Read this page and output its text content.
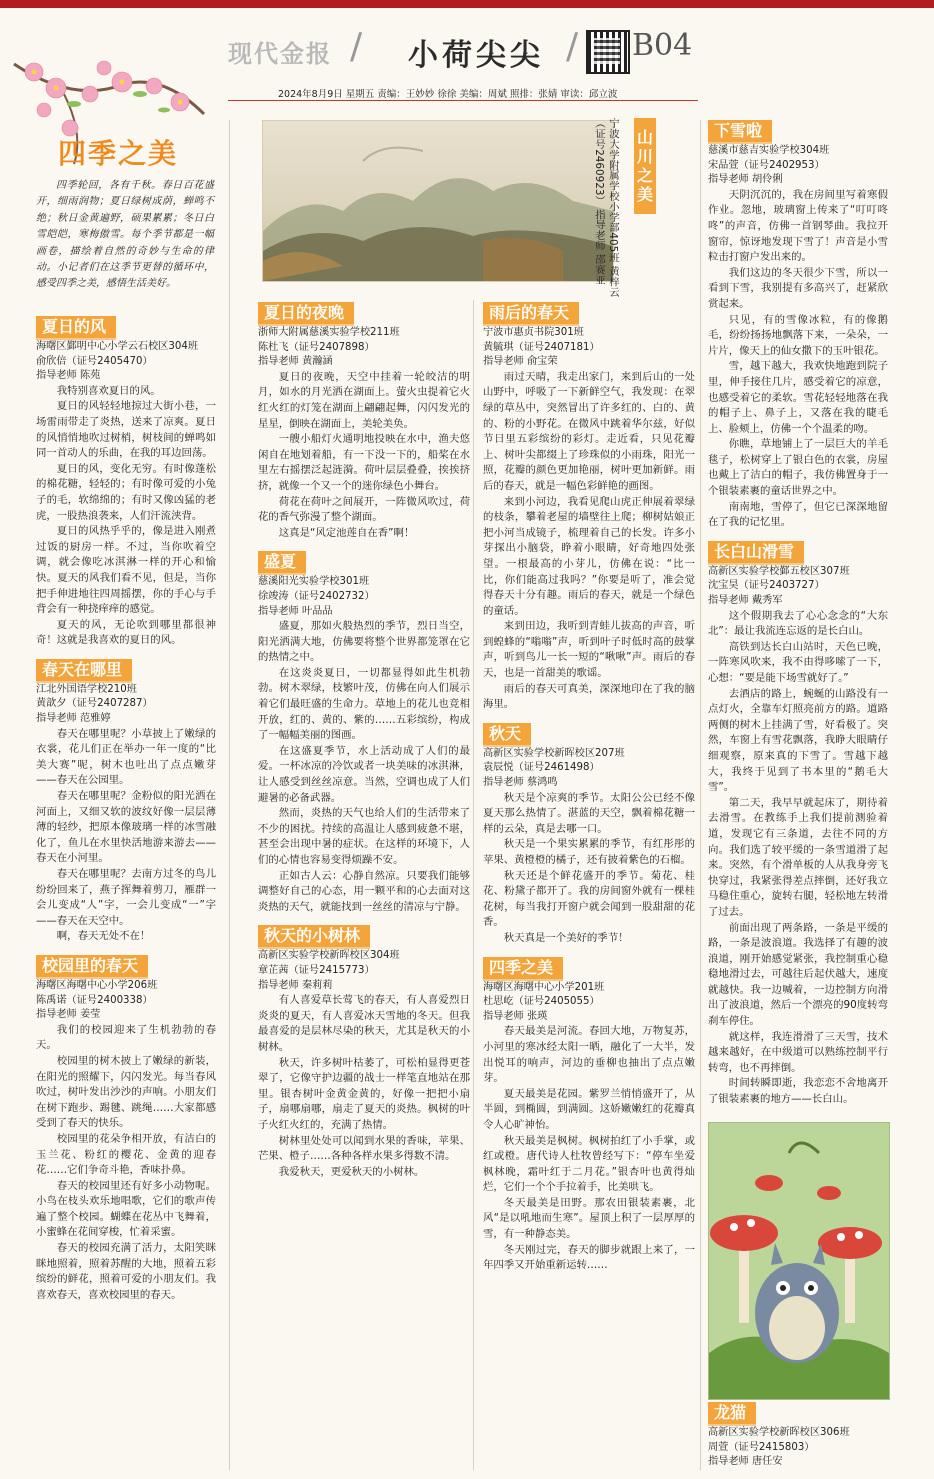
现代金报 / 小荷尖尖 / B04
2024年8月9日 星期五 责编：王妙妙 徐徐 美编：周斌 照排：张婧 审读：邱立波
四季之美

四季轮回，各有千秋。春日百花盛开，细雨润物；夏日绿树成荫，蝉鸣不绝；秋日金黄遍野，硕果累累；冬日白雪皑皑，寒梅傲雪。每个季节都是一幅画卷，描绘着自然的奇妙与生命的律动。小记者们在这季节更替的循环中，感受四季之美，感悟生活美好。

夏日的风

海曙区鄞明中心小学云石校区304班

俞欣倍（证号2405470）

指导老师 陈苑

我特别喜欢夏日的风。

夏日的风轻轻地掠过大街小巷，一场雷雨带走了炎热，送来了凉爽。夏日的风悄悄地吹过树梢，树枝间的蝉鸣如同一首动人的乐曲，在我的耳边回荡。

夏日的风，变化无穷。有时像蓬松的棉花糖，轻轻的；有时像可爱的小兔子的毛，软绵绵的；有时又像凶猛的老虎，一股热浪袭来，人们汗流浃背。

夏日的风热乎乎的，像是进入刚煮过饭的厨房一样。不过，当你吹着空调，就会像吃冰淇淋一样的开心和愉快。夏天的风我们看不见，但是，当你把手伸进地往四周摇摆，你的手心与手背会有一种挠痒痒的感觉。

夏天的风，无论吹到哪里都很神奇！这就是我喜欢的夏日的风。

春天在哪里

江北外国语学校210班

黄歆夕（证号2407287）

指导老师 范雅婷

春天在哪里呢？小草披上了嫩绿的衣裳，花儿们正在举办一年一度的“比美大赛”呢，树木也吐出了点点嫩芽——春天在公园里。

春天在哪里呢？金粉似的阳光洒在河面上，又细又软的波纹好像一层层薄薄的轻纱，把原本像玻璃一样的冰雪融化了，鱼儿在水里快活地游来游去——春天在小河里。

春天在哪里呢？去南方过冬的鸟儿纷纷回来了，燕子挥舞着剪刀，雁群一会儿变成“人”字，一会儿变成“一”字——春天在天空中。

啊，春天无处不在！

校园里的春天

海曙区海曙中心小学206班

陈禹诺（证号2400338）

指导老师 姜莹

我们的校园迎来了生机勃勃的春天。

校园里的树木披上了嫩绿的新装，在阳光的照耀下，闪闪发光。每当春风吹过，树叶发出沙沙的声响。小朋友们在树下跑步、踢毽、跳绳……大家都感受到了春天的快乐。

校园里的花朵争相开放，有洁白的玉兰花、粉红的樱花、金黄的迎春花……它们争奇斗艳，香味扑鼻。

春天的校园里还有好多小动物呢。小鸟在枝头欢乐地唱歌，它们的歌声传遍了整个校园。蝴蝶在花丛中飞舞着，小蜜蜂在花间穿梭，忙着采蜜。

春天的校园充满了活力，太阳笑眯眯地照着，照着苏醒的大地，照着五彩缤纷的鲜花，照着可爱的小朋友们。我喜欢春天，喜欢校园里的春天。

山川之美
宁波大学附属学校小学部405班 黄梓云（证号2460923） 指导老师 邵赛亚
夏日的夜晚

浙师大附属慈溪实验学校211班

陈杜飞（证号2407898）

指导老师 黄瀚涵

夏日的夜晚，天空中挂着一轮皎洁的明月，如水的月光洒在湖面上。萤火虫提着它火红火红的灯笼在湖面上翩翩起舞，闪闪发光的星星，倒映在湖面上，美轮美奂。

一艘小船灯火通明地投映在水中，渔夫悠闲自在地划着船，有一下没一下的，船桨在水里左右摇摆泛起涟漪。荷叶层层叠叠，挨挨挤挤，就像一个又一个的迷你绿色小舞台。

荷花在荷叶之间展开，一阵微风吹过，荷花的香气弥漫了整个湖面。

这真是“风定池莲自在香”啊！

盛夏

慈溪阳光实验学校301班

徐竣涛（证号2402732）

指导老师 叶品品

盛夏，那如火般热烈的季节，烈日当空，阳光洒满大地，仿佛要将整个世界都笼罩在它的热情之中。

在这炎炎夏日，一切都显得如此生机勃勃。树木翠绿，枝繁叶茂，仿佛在向人们展示着它们最旺盛的生命力。草地上的花儿也竞相开放，红的、黄的、紫的……五彩缤纷，构成了一幅幅美丽的图画。

在这盛夏季节，水上活动成了人们的最爱。一杯冰凉的冷饮或者一块美味的冰淇淋，让人感受到丝丝凉意。当然，空调也成了人们避暑的必备武器。

然而，炎热的天气也给人们的生活带来了不少的困扰。持续的高温让人感到疲惫不堪，甚至会出现中暑的症状。在这样的环境下，人们的心情也容易变得烦躁不安。

正如古人云：心静自然凉。只要我们能够调整好自己的心态，用一颗平和的心去面对这炎热的天气，就能找到一丝丝的清凉与宁静。

秋天的小树林

高新区实验学校新晖校区304班

章芷茜（证号2415773）

指导老师 秦莉莉

有人喜爱草长莺飞的春天，有人喜爱烈日炎炎的夏天，有人喜爱冰天雪地的冬天。但我最喜爱的是层林尽染的秋天，尤其是秋天的小树林。

秋天，许多树叶枯萎了，可松柏显得更苍翠了，它像守护边疆的战士一样笔直地站在那里。银杏树叶金黄金黄的，好像一把把小扇子，扇哪扇哪，扇走了夏天的炎热。枫树的叶子火红火红的，充满了热情。

树林里处处可以闻到水果的香味，苹果、芒果、橙子……各种各样水果多得数不清。

我爱秋天，更爱秋天的小树林。

雨后的春天

宁波市惠贞书院301班

黄毓琪（证号2407181）

指导老师 俞宝荣

雨过天晴，我走出家门，来到后山的一处山野中，呼吸了一下新鲜空气，我发现：在翠绿的草丛中，突然冒出了许多红的、白的、黄的、粉的小野花。在微风中跳着华尔兹，好似节日里五彩缤纷的彩灯。走近看，只见花瓣上、树叶尖都缀上了珍珠似的小雨珠，阳光一照，花瓣的颜色更加艳丽，树叶更加新鲜。雨后的春天，就是一幅色彩鲜艳的画图。

来到小河边，我看见爬山虎正伸展着翠绿的枝条，攀着老屋的墙壁往上爬；柳树姑娘正把小河当成镜子，梳理着自己的长发。许多小芽探出小脑袋，睁着小眼睛，好奇地四处张望。一根最高的小芽儿，仿佛在说：“比一比，你们能高过我吗？”你要是听了，准会觉得春天十分有趣。雨后的春天，就是一个绿色的童话。

来到田边，我听到青蛙儿拔高的声音，听到蝗蜂的“嗡嗡”声，听到叶子时低时高的鼓掌声，听到鸟儿一长一短的“啾啾”声。雨后的春天，也是一首甜美的歌谣。

雨后的春天可真美，深深地印在了我的脑海里。

秋天

高新区实验学校新晖校区207班

袁辰悦（证号2461498）

指导老师 蔡鸿鸣

秋天是个凉爽的季节。太阳公公已经不像夏天那么热情了。湛蓝的天空，飘着棉花糖一样的云朵，真是去哪一口。

秋天是一个果实累累的季节，有红彤彤的苹果、黄橙橙的橘子，还有披着紫色的石榴。

秋天还是个鲜花盛开的季节。菊花、桂花、粉黛子都开了。我的房间窗外就有一棵桂花树，每当我打开窗户就会闻到一股甜甜的花香。

秋天真是一个美好的季节！

四季之美

海曙区海曙中心小学201班

杜思屹（证号2405055）

指导老师 张瑛

春天最美是河流。春回大地，万物复苏，小河里的寒冰经太阳一晒，融化了一大半，发出悦耳的响声，河边的垂柳也抽出了点点嫩芽。

夏天最美是花园。紫罗兰悄悄盛开了，从半圆，到椭圆，到满圆。这娇嫩嫩红的花瓣真令人心旷神怡。

秋天最美是枫树。枫树拍红了小手掌，或红或橙。唐代诗人杜牧曾经写下：“停车坐爱枫林晚，霜叶红于二月花。”银杏叶也黄得灿烂，它们一个个手拉着手，比美哄飞。

冬天最美是田野。那农田银装素裹，北风“是以吼地而生寒”。屋顶上积了一层厚厚的雪，有一种静态美。

冬天刚过完，春天的脚步就跟上来了，一年四季又开始重新运转……

下雪啦

慈溪市慈吉实验学校304班

宋品萱（证号2402953）

指导老师 胡伶俐

天阴沉沉的，我在房间里写着寒假作业。忽地，玻璃窗上传来了“叮叮咚咚”的声音，仿佛一首钢琴曲。我拉开窗帘，惊讶地发现下雪了！声音是小雪粒击打窗户发出来的。

我们这边的冬天很少下雪，所以一看到下雪，我别提有多高兴了，赶紧欣赏起来。

只见，有的雪像冰粒，有的像鹅毛，纷纷扬扬地飘落下来，一朵朵，一片片，像天上的仙女撒下的玉叶银花。

雪，越下越大，我欢快地跑到院子里，伸手接住几片，感受着它的凉意，也感受着它的柔软。雪花轻轻地落在我的帽子上、鼻子上，又落在我的睫毛上、脸颊上，仿佛一个个温柔的吻。

你瞧，草地铺上了一层巨大的羊毛毯子，松树穿上了银白色的衣裳，房屋也戴上了洁白的帽子，我仿佛置身于一个银装素裹的童话世界之中。

南南地，雪停了，但它已深深地留在了我的记忆里。

长白山滑雪

高新区实验学校鄞五校区307班

沈宝昊（证号2403727）

指导老师 戴秀军

这个假期我去了心心念念的“大东北”：最让我流连忘返的是长白山。

高铁到达长白山站时，天色已晚，一阵寒风吹来，我不由得哆嗦了一下，心想：“要是能下场雪就好了。”

去酒店的路上，蜿蜒的山路没有一点灯火，全靠车灯照亮前方的路。道路两侧的树木上挂满了雪，好看极了。突然，车窗上有雪花飘落，我睁大眼睛仔细观察，原来真的下雪了。雪越下越大，我终于见到了书本里的“鹅毛大雪”。

第二天，我早早就起床了，期待着去滑雪。在教练手上我们提前测验着道，发现它有三条道，去往不同的方向。我们选了较平缓的一条雪道滑了起来。突然，有个滑单板的人从我身旁飞快穿过，我紧张得差点摔倒，还好我立马稳住重心，旋转右腿，轻松地左转滑了过去。

前面出现了两条路，一条是平缓的路，一条是波浪道。我选择了有趣的波浪道，刚开始感觉紧张，我控制重心稳稳地滑过去，可越往后起伏越大，速度就越快。我一边喊着，一边控制方向滑出了波浪道，然后一个漂亮的90度转弯刹车停住。

就这样，我连滑滑了三天雪，技术越来越好，在中级道可以熟练控制平行转弯，也不再摔倒。

时间转瞬即逝，我恋恋不舍地离开了银装素裹的地方——长白山。

龙猫

高新区实验学校新晖校区306班

周萱（证号2415803）

指导老师 唐任安
